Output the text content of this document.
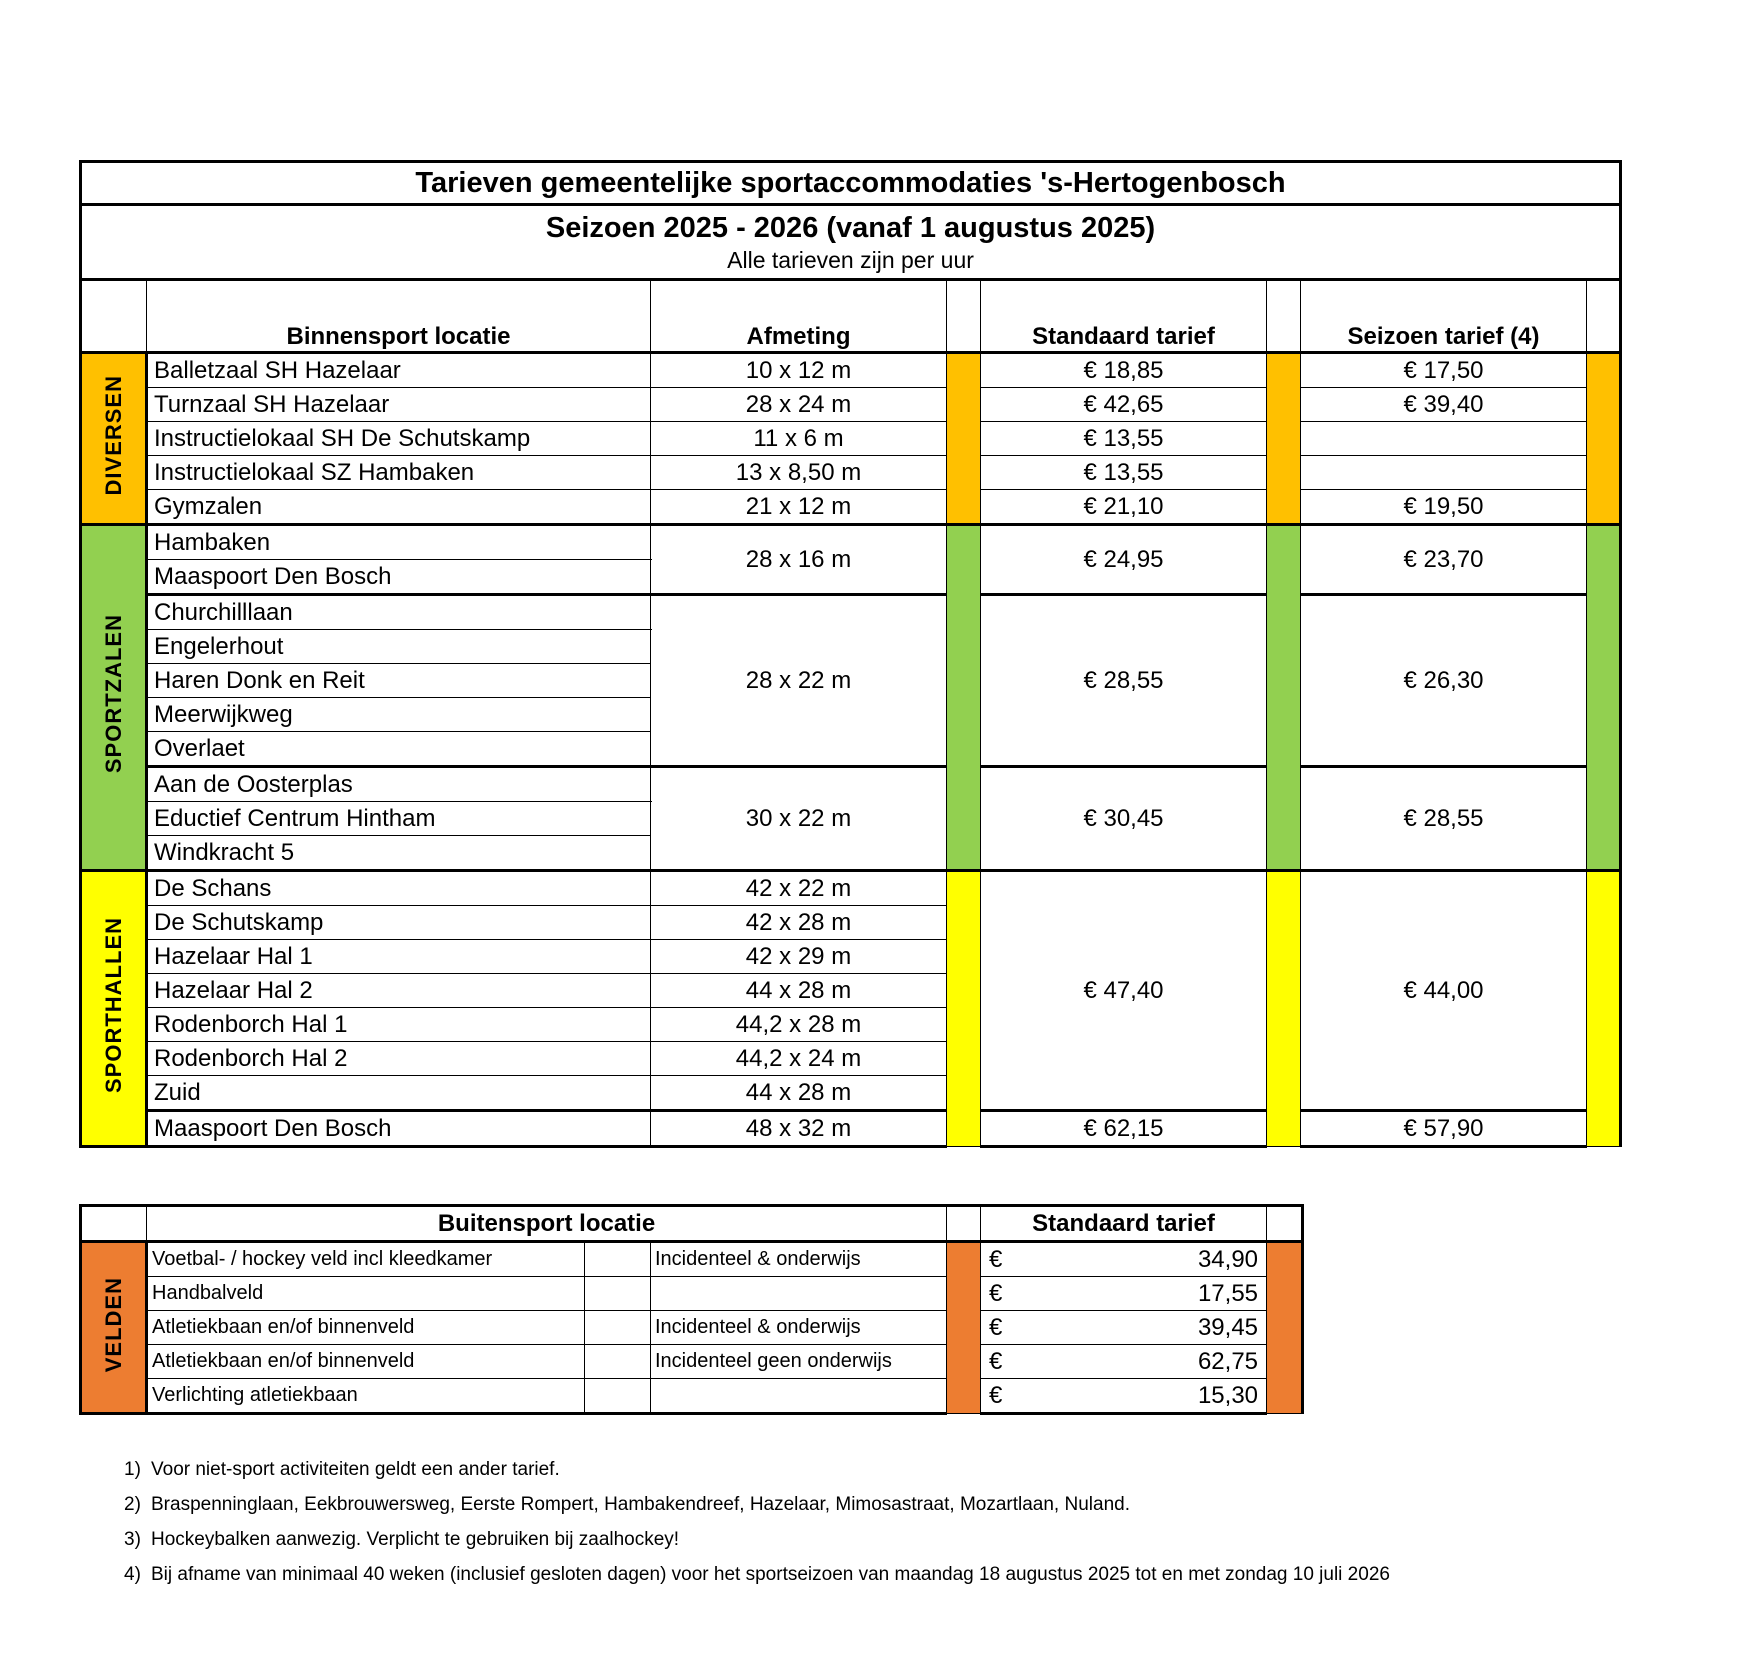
Tarieven gemeentelijke sportaccommodaties 's-Hertogenbosch							

Seizoen 2025 - 2026 (vanaf 1 augustus 2025)
Alle tarieven zijn per uur							

	Binnensport locatie	Afmeting		Standaard tarief		Seizoen tarief (4)	
DIVERSEN	Balletzaal SH Hazelaar		10 x 12 m		€ 18,85		€ 17,50	
	Turnzaal SH Hazelaar		28 x 24 m		€ 42,65		€ 39,40	
	Instructielokaal SH De Schutskamp		11 x 6 m		€ 13,55			
	Instructielokaal SZ Hambaken		13 x 8,50 m		€ 13,55			
	Gymzalen		21 x 12 m		€ 21,10		€ 19,50	
SPORTZALEN	Hambaken		28 x 16 m		€ 24,95		€ 23,70	
	Maaspoort Den Bosch						
	Churchilllaan		28 x 22 m		€ 28,55		€ 26,30	
	Engelerhout						
	Haren Donk en Reit						
	Meerwijkweg	
	Overlaet	
	Aan de Oosterplas		30 x 22 m		€ 30,45		€ 28,55	
	Eductief Centrum Hintham						
	Windkracht 5						
SPORTHALLEN	De Schans		42 x 22 m		€ 47,40		€ 44,00	
	De Schutskamp		42 x 28 m					
	Hazelaar Hal 1		42 x 29 m					
	Hazelaar Hal 2		44 x 28 m					
	Rodenborch Hal 1		44,2 x 28 m					
	Rodenborch Hal 2		44,2 x 24 m					
	Zuid		44 x 28 m					
	Maaspoort Den Bosch		48 x 32 m		€ 62,15		€ 57,90	
	Buitensport locatie				Standaard tarief		
VELDEN	Voetbal- / hockey veld incl kleedkamer		Incidenteel & onderwijs		€	34,90	
	Handbalveld				€	17,55	
	Atletiekbaan en/of binnenveld		Incidenteel & onderwijs		€	39,45	
	Atletiekbaan en/of binnenveld		Incidenteel geen onderwijs		€	62,75	
	Verlichting atletiekbaan				€	15,30	
1) Voor niet-sport activiteiten geldt een ander tarief.
2) Braspenninglaan, Eekbrouwersweg, Eerste Rompert, Hambakendreef, Hazelaar, Mimosastraat, Mozartlaan, Nuland.
3) Hockeybalken aanwezig. Verplicht te gebruiken bij zaalhockey!
4) Bij afname van minimaal 40 weken (inclusief gesloten dagen) voor het sportseizoen van maandag 18 augustus 2025 tot en met zondag 10 juli 2026
